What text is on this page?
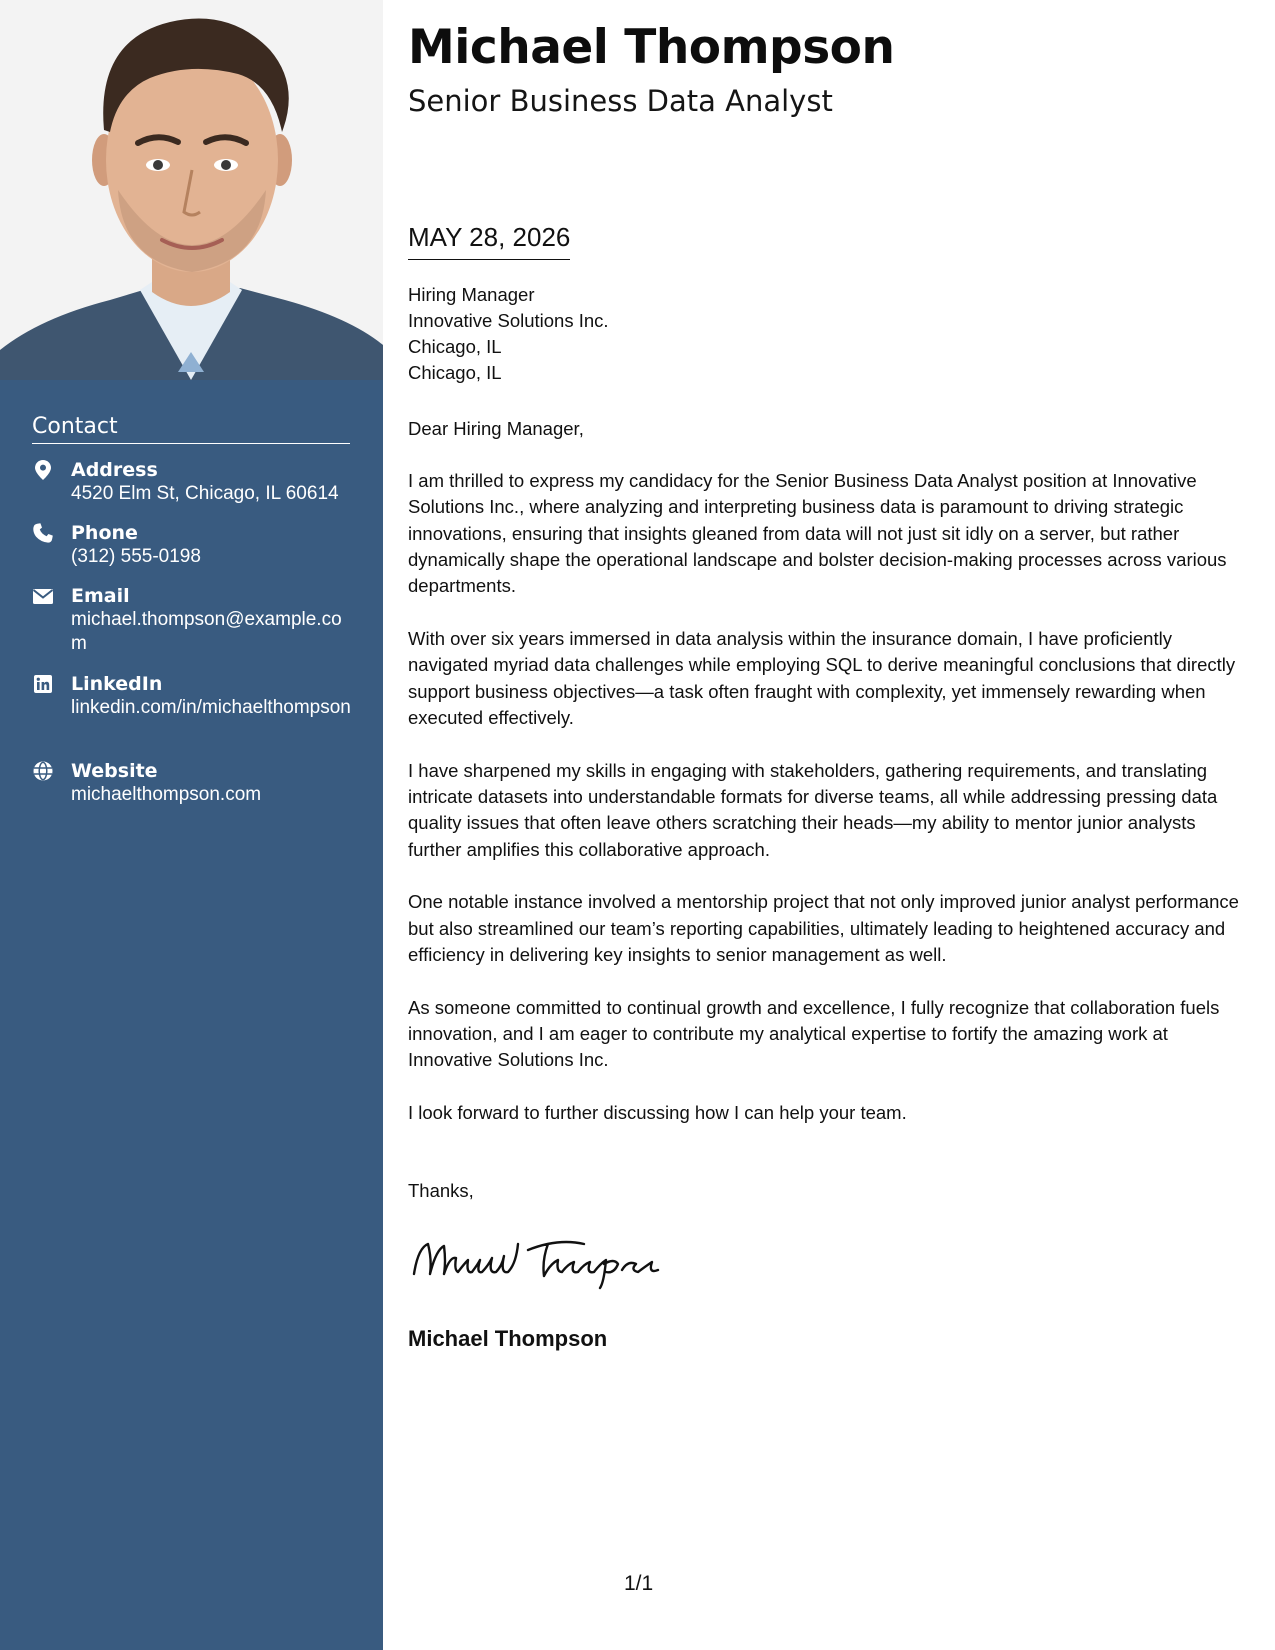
Contact
Address
4520 Elm St, Chicago, IL 60614
Phone
(312) 555-0198
Email
michael.thompson@example.com
LinkedIn
linkedin.com/in/michaelthompson
Website
michaelthompson.com
Michael Thompson
Senior Business Data Analyst
MAY 28, 2026
Hiring Manager
Innovative Solutions Inc.
Chicago, IL
Chicago, IL
Dear Hiring Manager,

I am thrilled to express my candidacy for the Senior Business Data Analyst position at Innovative Solutions Inc., where analyzing and interpreting business data is paramount to driving strategic innovations, ensuring that insights gleaned from data will not just sit idly on a server, but rather dynamically shape the operational landscape and bolster decision-making processes across various departments.

With over six years immersed in data analysis within the insurance domain, I have proficiently navigated myriad data challenges while employing SQL to derive meaningful conclusions that directly support business objectives—a task often fraught with complexity, yet immensely rewarding when executed effectively.

I have sharpened my skills in engaging with stakeholders, gathering requirements, and translating intricate datasets into understandable formats for diverse teams, all while addressing pressing data quality issues that often leave others scratching their heads—my ability to mentor junior analysts further amplifies this collaborative approach.

One notable instance involved a mentorship project that not only improved junior analyst performance but also streamlined our team’s reporting capabilities, ultimately leading to heightened accuracy and efficiency in delivering key insights to senior management as well.

As someone committed to continual growth and excellence, I fully recognize that collaboration fuels innovation, and I am eager to contribute my analytical expertise to fortify the amazing work at Innovative Solutions Inc.

I look forward to further discussing how I can help your team.

Thanks,
Michael Thompson
1/1
